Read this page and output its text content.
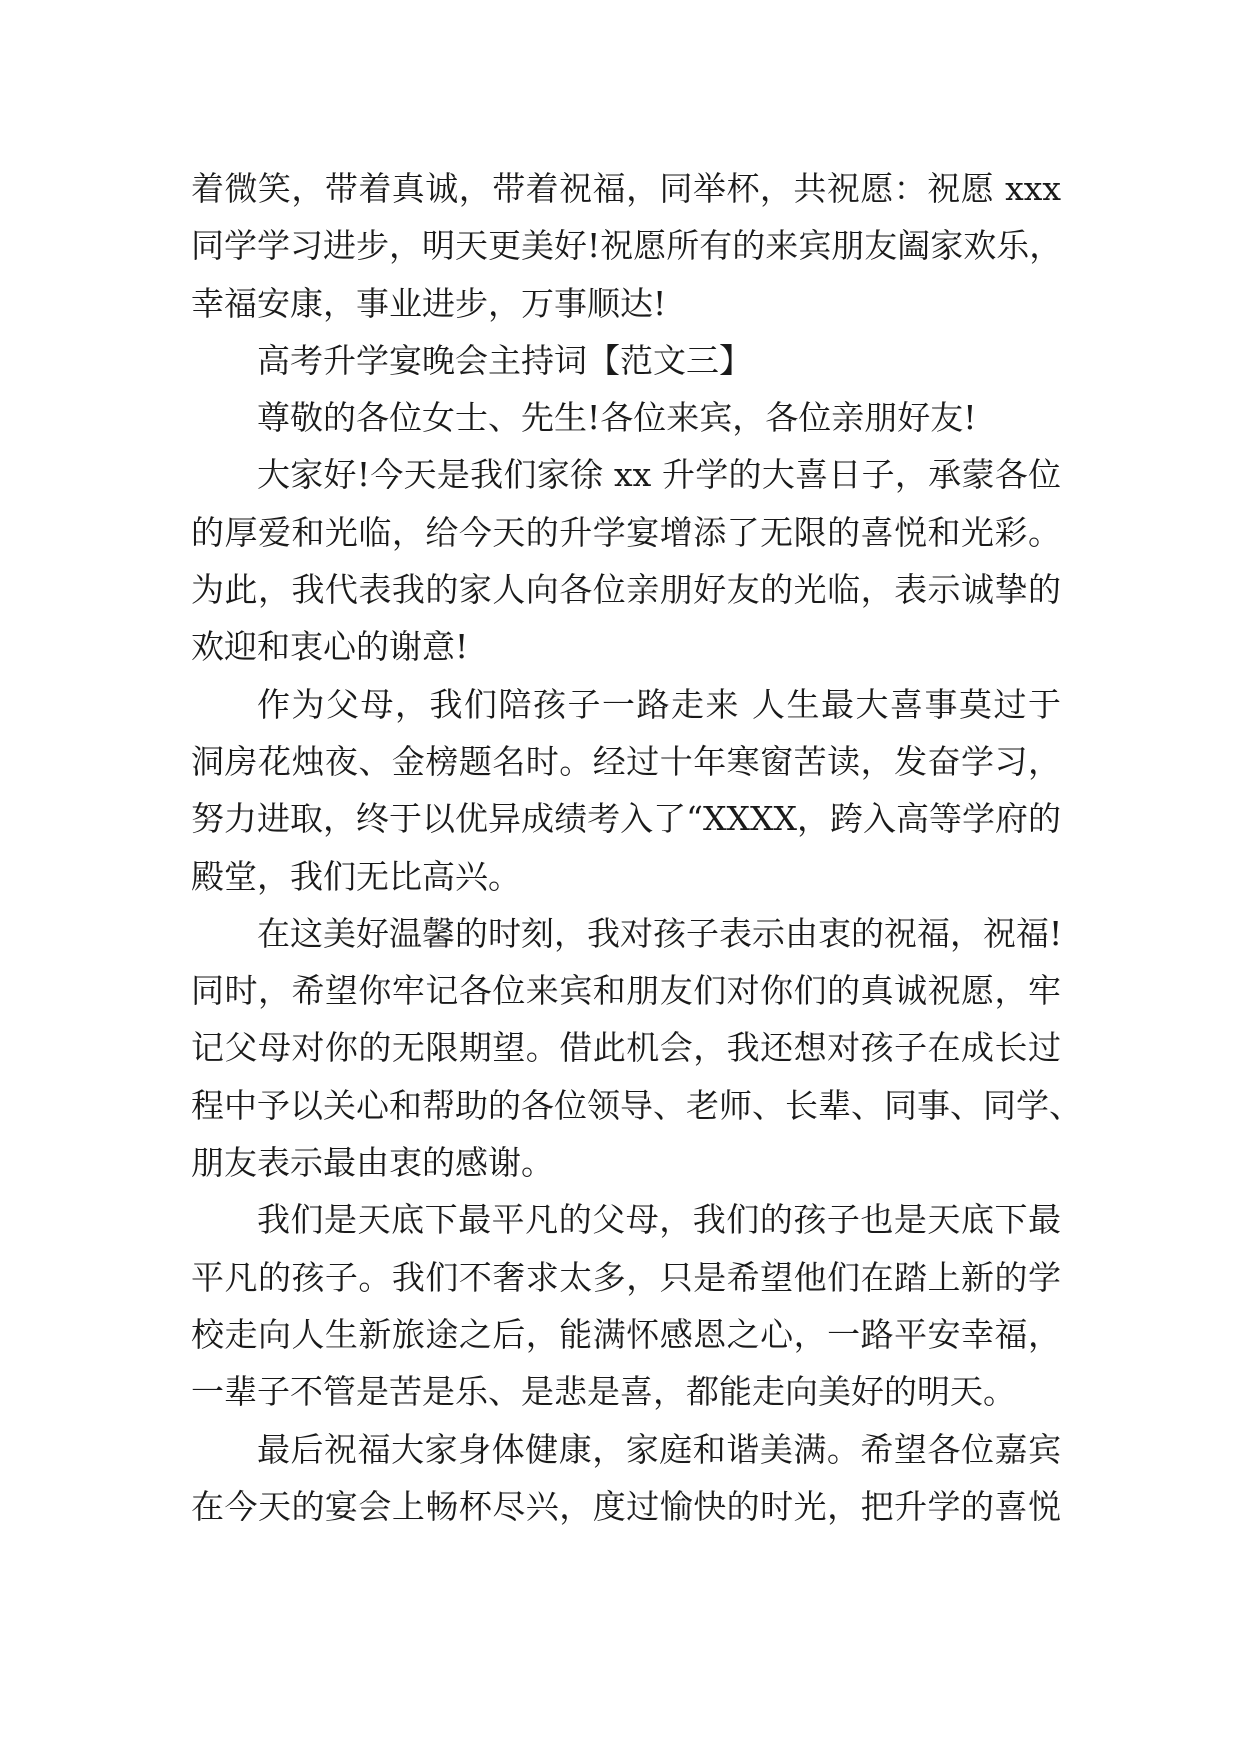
着微笑，带着真诚，带着祝福，同举杯，共祝愿：祝愿 xxx
同学学习进步，明天更美好!祝愿所有的来宾朋友阖家欢乐，
幸福安康，事业进步，万事顺达!
高考升学宴晚会主持词【范文三】
尊敬的各位女士、先生!各位来宾，各位亲朋好友!
大家好!今天是我们家徐 xx 升学的大喜日子，承蒙各位
的厚爱和光临，给今天的升学宴增添了无限的喜悦和光彩。
为此，我代表我的家人向各位亲朋好友的光临，表示诚挚的
欢迎和衷心的谢意!
作为父母，我们陪孩子一路走来 人生最大喜事莫过于
洞房花烛夜、金榜题名时。经过十年寒窗苦读，发奋学习，
努力进取，终于以优异成绩考入了“XXXX，跨入高等学府的
殿堂，我们无比高兴。
在这美好温馨的时刻，我对孩子表示由衷的祝福，祝福!
同时，希望你牢记各位来宾和朋友们对你们的真诚祝愿，牢
记父母对你的无限期望。借此机会，我还想对孩子在成长过
程中予以关心和帮助的各位领导、老师、长辈、同事、同学、
朋友表示最由衷的感谢。
我们是天底下最平凡的父母，我们的孩子也是天底下最
平凡的孩子。我们不奢求太多，只是希望他们在踏上新的学
校走向人生新旅途之后，能满怀感恩之心，一路平安幸福，
一辈子不管是苦是乐、是悲是喜，都能走向美好的明天。
最后祝福大家身体健康，家庭和谐美满。希望各位嘉宾
在今天的宴会上畅杯尽兴，度过愉快的时光，把升学的喜悦
